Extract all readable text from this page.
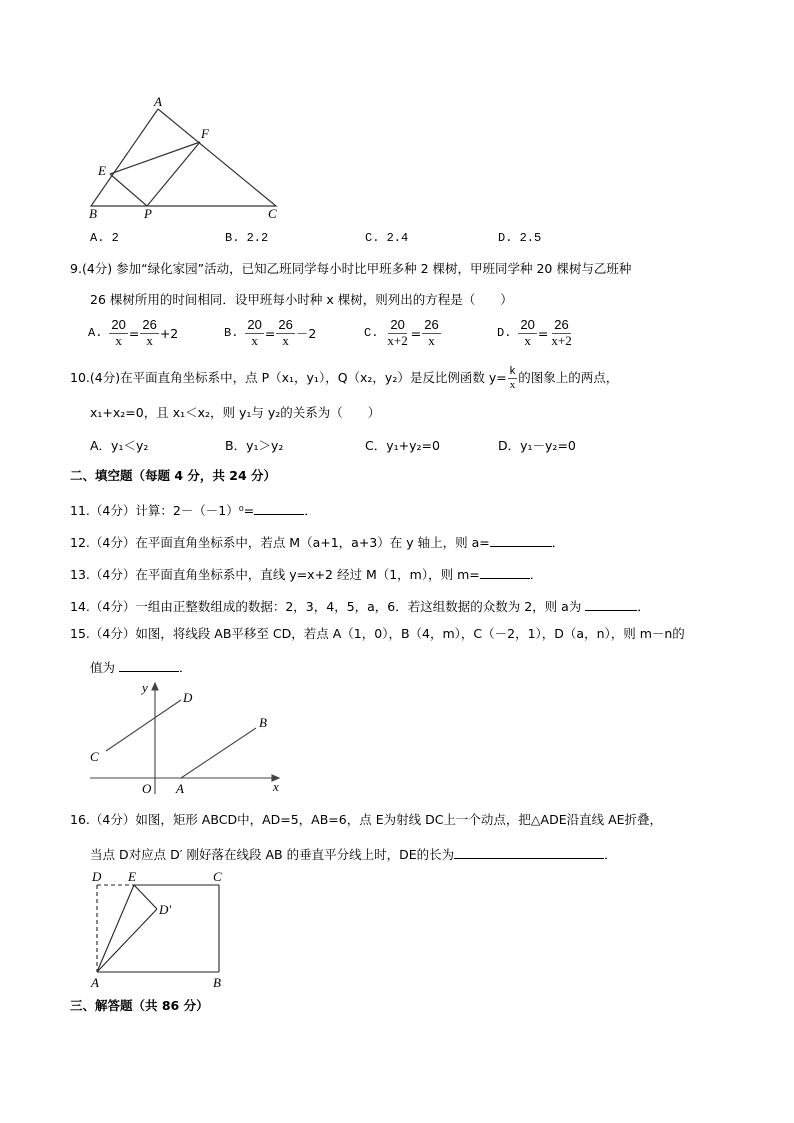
A
F
E
B	P	C
A. 2	B. 2.2	C. 2.4	D. 2.5
9.(4分) 参加“绿化家园”活动，已知乙班同学每小时比甲班多种 2 棵树，甲班同学种 20 棵树与乙班种
26 棵树所用的时间相同．设甲班每小时种 x 棵树，则列出的方程是（　　）
A. $\frac{20}{x} = \frac{26}{x} +2$	B. $\frac{20}{x} = \frac{26}{x} -2$	C. $\frac{20}{x+2} = \frac{26}{x}$	D. $\frac{20}{x} = \frac{26}{x+2}$
10. (4分) 在平面直角坐标系中，点 P（x₁，y₁），Q（x₂，y₂）是反比例函数 $y= \frac{k}{x}$ 的图象上的两点，
x₁+x₂=0，且 x₁＜x₂，则 y₁与 y₂的关系为（　　）
A．y₁＜y₂	B．y₁＞y₂	C．y₁+y₂=0	D．y₁－y₂=0
二、填空题（每题 4 分，共 24 分）
11.（4分）计算：2－（－1）⁰=	．
12.（4分）在平面直角坐标系中，若点 M（a+1，a+3）在 y 轴上，则 a=	．
13.（4分）在平面直角坐标系中，直线 y=x+2 经过 M（1，m），则 m=	．
14.（4分）一组由正整数组成的数据：2，3，4，5，a，6．若这组数据的众数为 2，则 a为	．
15.（4分）如图，将线段 AB平移至 CD，若点 A（1，0），B（4，m），C（－2，1），D（a，n），则 m－n的
值为	．
y
D
B
C
O A	x
16.（4分）如图，矩形 ABCD中，AD=5，AB=6，点 E为射线 DC上一个动点，把△ADE沿直线 AE折叠，
当点 D对应点 D′ 刚好落在线段 AB 的垂直平分线上时，DE的长为	．
D E	C
D′
A	B
三、解答题（共 86 分）
